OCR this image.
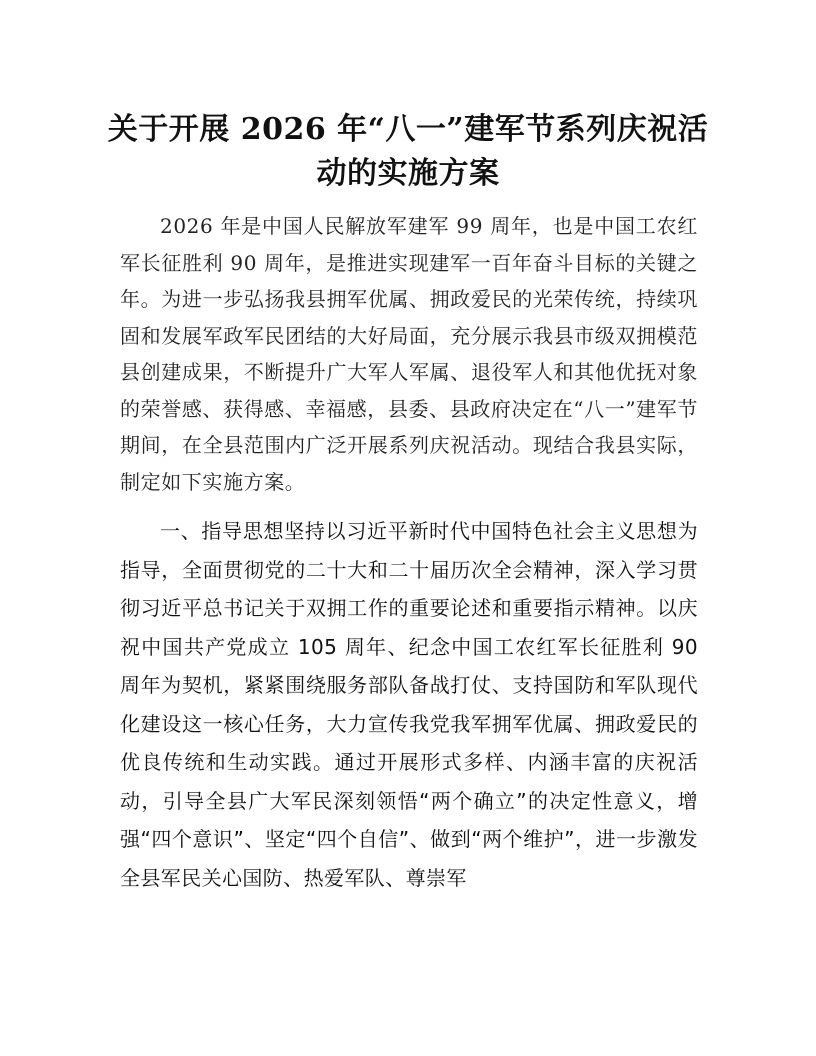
关于开展 2026 年“八一”建军节系列庆祝活
动的实施方案

2026 年是中国人民解放军建军 99 周年，也是中国工农红军长征胜利 90 周年，是推进实现建军一百年奋斗目标的关键之年。为进一步弘扬我县拥军优属、拥政爱民的光荣传统，持续巩固和发展军政军民团结的大好局面，充分展示我县市级双拥模范县创建成果，不断提升广大军人军属、退役军人和其他优抚对象的荣誉感、获得感、幸福感，县委、县政府决定在“八一”建军节期间，在全县范围内广泛开展系列庆祝活动。现结合我县实际，制定如下实施方案。

一、指导思想坚持以习近平新时代中国特色社会主义思想为指导，全面贯彻党的二十大和二十届历次全会精神，深入学习贯彻习近平总书记关于双拥工作的重要论述和重要指示精神。以庆祝中国共产党成立 105 周年、纪念中国工农红军长征胜利 90 周年为契机，紧紧围绕服务部队备战打仗、支持国防和军队现代化建设这一核心任务，大力宣传我党我军拥军优属、拥政爱民的优良传统和生动实践。通过开展形式多样、内涵丰富的庆祝活动，引导全县广大军民深刻领悟“两个确立”的决定性意义，增强“四个意识”、坚定“四个自信”、做到“两个维护”，进一步激发全县军民关心国防、热爱军队、尊崇军
